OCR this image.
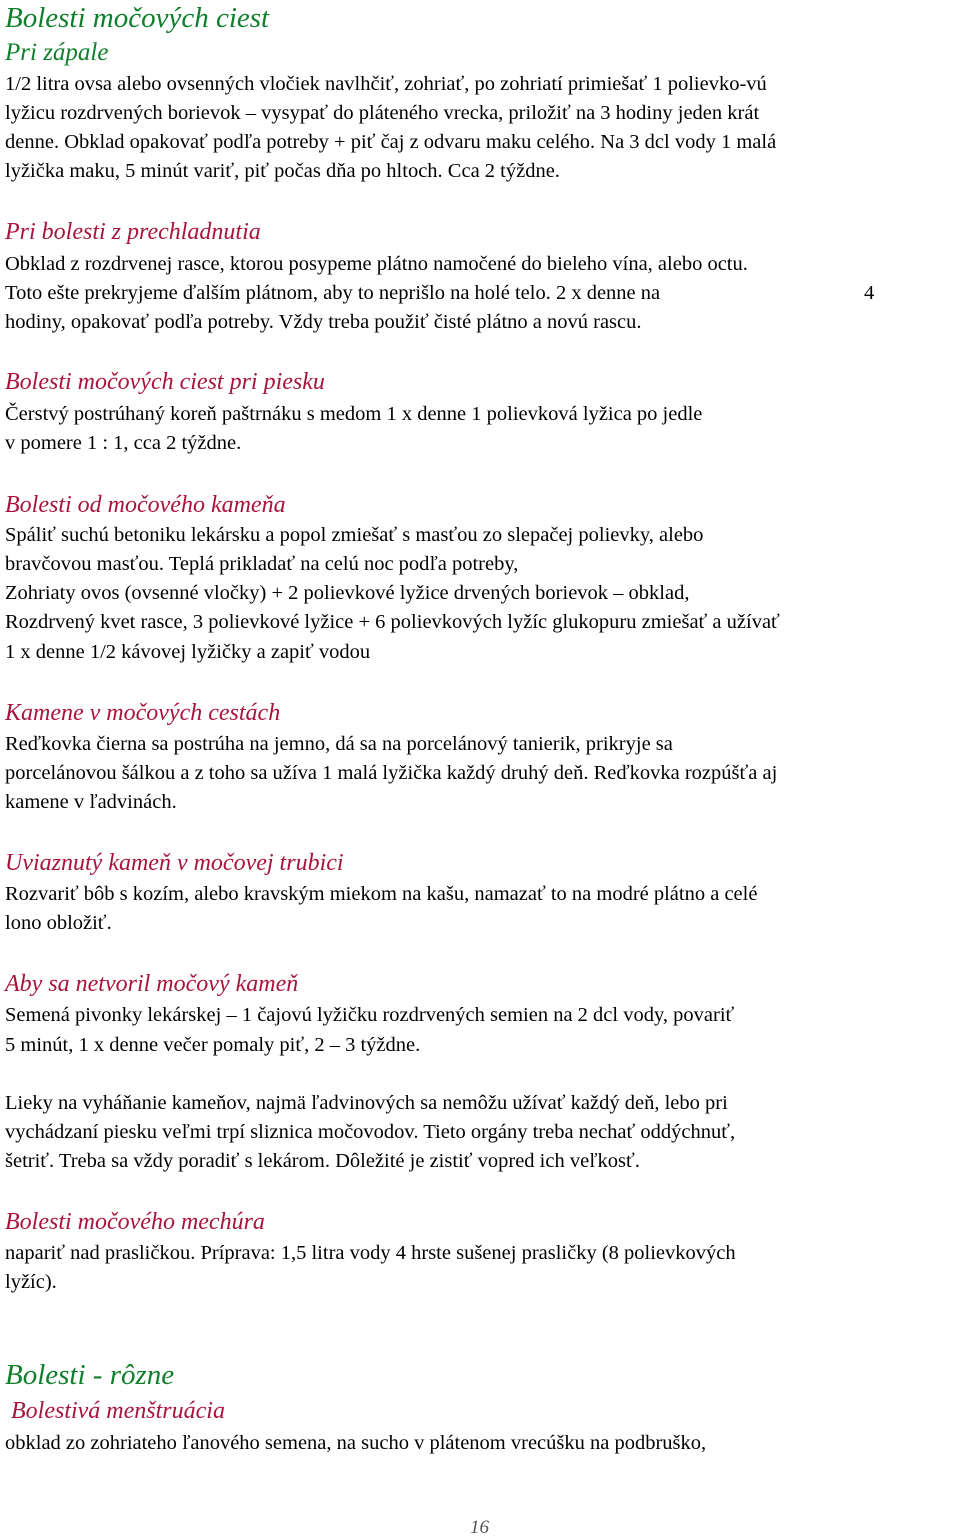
Bolesti močových ciest
Pri zápale
1/2 litra ovsa alebo ovsenných vločiek navlhčiť, zohriať, po zohriatí primiešať 1 polievko-vú
lyžicu rozdrvených borievok – vysypať do pláteného vrecka, priložiť na 3 hodiny jeden krát
denne. Obklad opakovať podľa potreby + piť čaj z odvaru maku celého. Na 3 dcl vody 1 malá
lyžička maku, 5 minút variť, piť počas dňa po hltoch. Cca 2 týždne.
Pri bolesti z prechladnutia
Obklad z rozdrvenej rasce, ktorou posypeme plátno namočené do bieleho vína, alebo octu.
Toto ešte prekryjeme ďalším plátnom, aby to neprišlo na holé telo. 2 x denne na	4
hodiny, opakovať podľa potreby. Vždy treba použiť čisté plátno a novú rascu.
Bolesti močových ciest pri piesku
Čerstvý postrúhaný koreň paštrnáku s medom 1 x denne 1 polievková lyžica po jedle
v pomere 1 : 1, cca 2 týždne.
Bolesti od močového kameňa
Spáliť suchú betoniku lekársku a popol zmiešať s masťou zo slepačej polievky, alebo
bravčovou masťou. Teplá prikladať na celú noc podľa potreby,
Zohriaty ovos (ovsenné vločky) + 2 polievkové lyžice drvených borievok – obklad,
Rozdrvený kvet rasce, 3 polievkové lyžice + 6 polievkových lyžíc glukopuru zmiešať a užívať
1 x denne 1/2 kávovej lyžičky a zapiť vodou
Kamene v močových cestách
Reďkovka čierna sa postrúha na jemno, dá sa na porcelánový tanierik, prikryje sa
porcelánovou šálkou a z toho sa užíva 1 malá lyžička každý druhý deň. Reďkovka rozpúšťa aj
kamene v ľadvinách.
Uviaznutý kameň v močovej trubici
Rozvariť bôb s kozím, alebo kravským miekom na kašu, namazať to na modré plátno a celé
lono obložiť.
Aby sa netvoril močový kameň
Semená pivonky lekárskej – 1 čajovú lyžičku rozdrvených semien na 2 dcl vody, povariť
5 minút, 1 x denne večer pomaly piť, 2 – 3 týždne.
Lieky na vyháňanie kameňov, najmä ľadvinových sa nemôžu užívať každý deň, lebo pri
vychádzaní piesku veľmi trpí sliznica močovodov. Tieto orgány treba nechať oddýchnuť,
šetriť. Treba sa vždy poradiť s lekárom. Dôležité je zistiť vopred ich veľkosť.
Bolesti močového mechúra
napariť nad prasličkou. Príprava: 1,5 litra vody 4 hrste sušenej prasličky (8 polievkových
lyžíc).
Bolesti - rôzne
Bolestivá menštruácia
obklad zo zohriateho ľanového semena, na sucho v plátenom vrecúšku na podbruško,
16
